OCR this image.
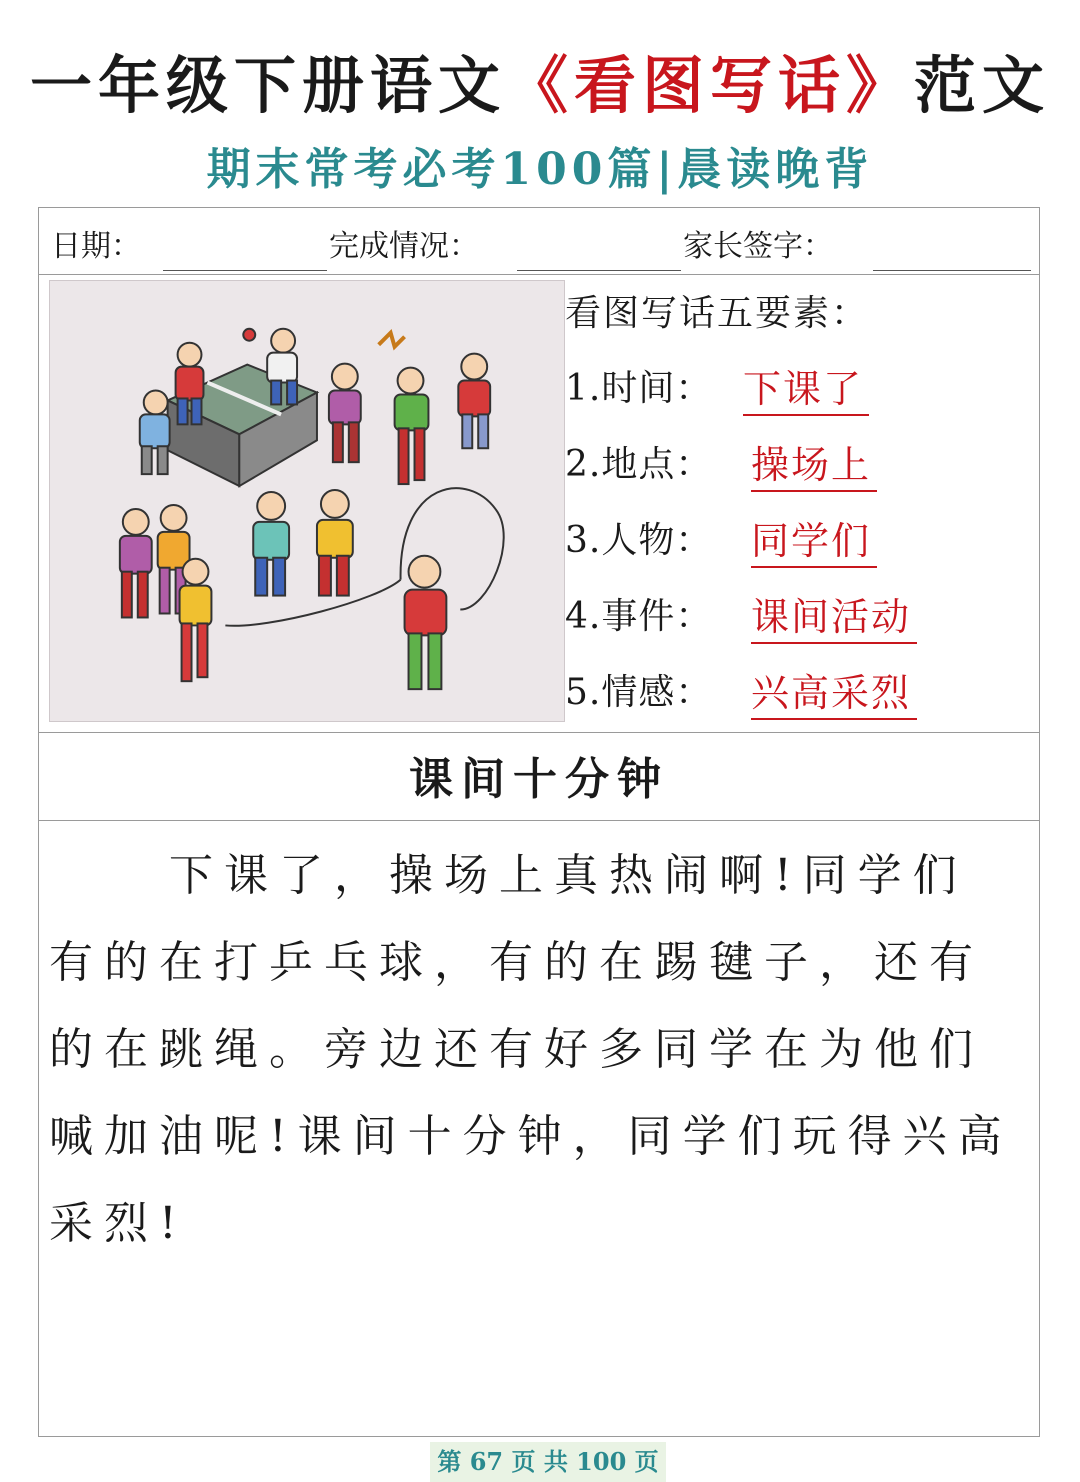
一年级下册语文《看图写话》范文
期末常考必考100篇|晨读晚背
日期：	完成情况：	家长签字：
看图写话五要素：
1.时间： 下课了
2.地点： 操场上
3.人物： 同学们
4.事件： 课间活动
5.情感： 兴高采烈
课间十分钟
下课了，操场上真热闹啊!同学们有的在打乒乓球，有的在踢毽子，还有的在跳绳。旁边还有好多同学在为他们喊加油呢!课间十分钟，同学们玩得兴高采烈!
第 67 页 共 100 页
